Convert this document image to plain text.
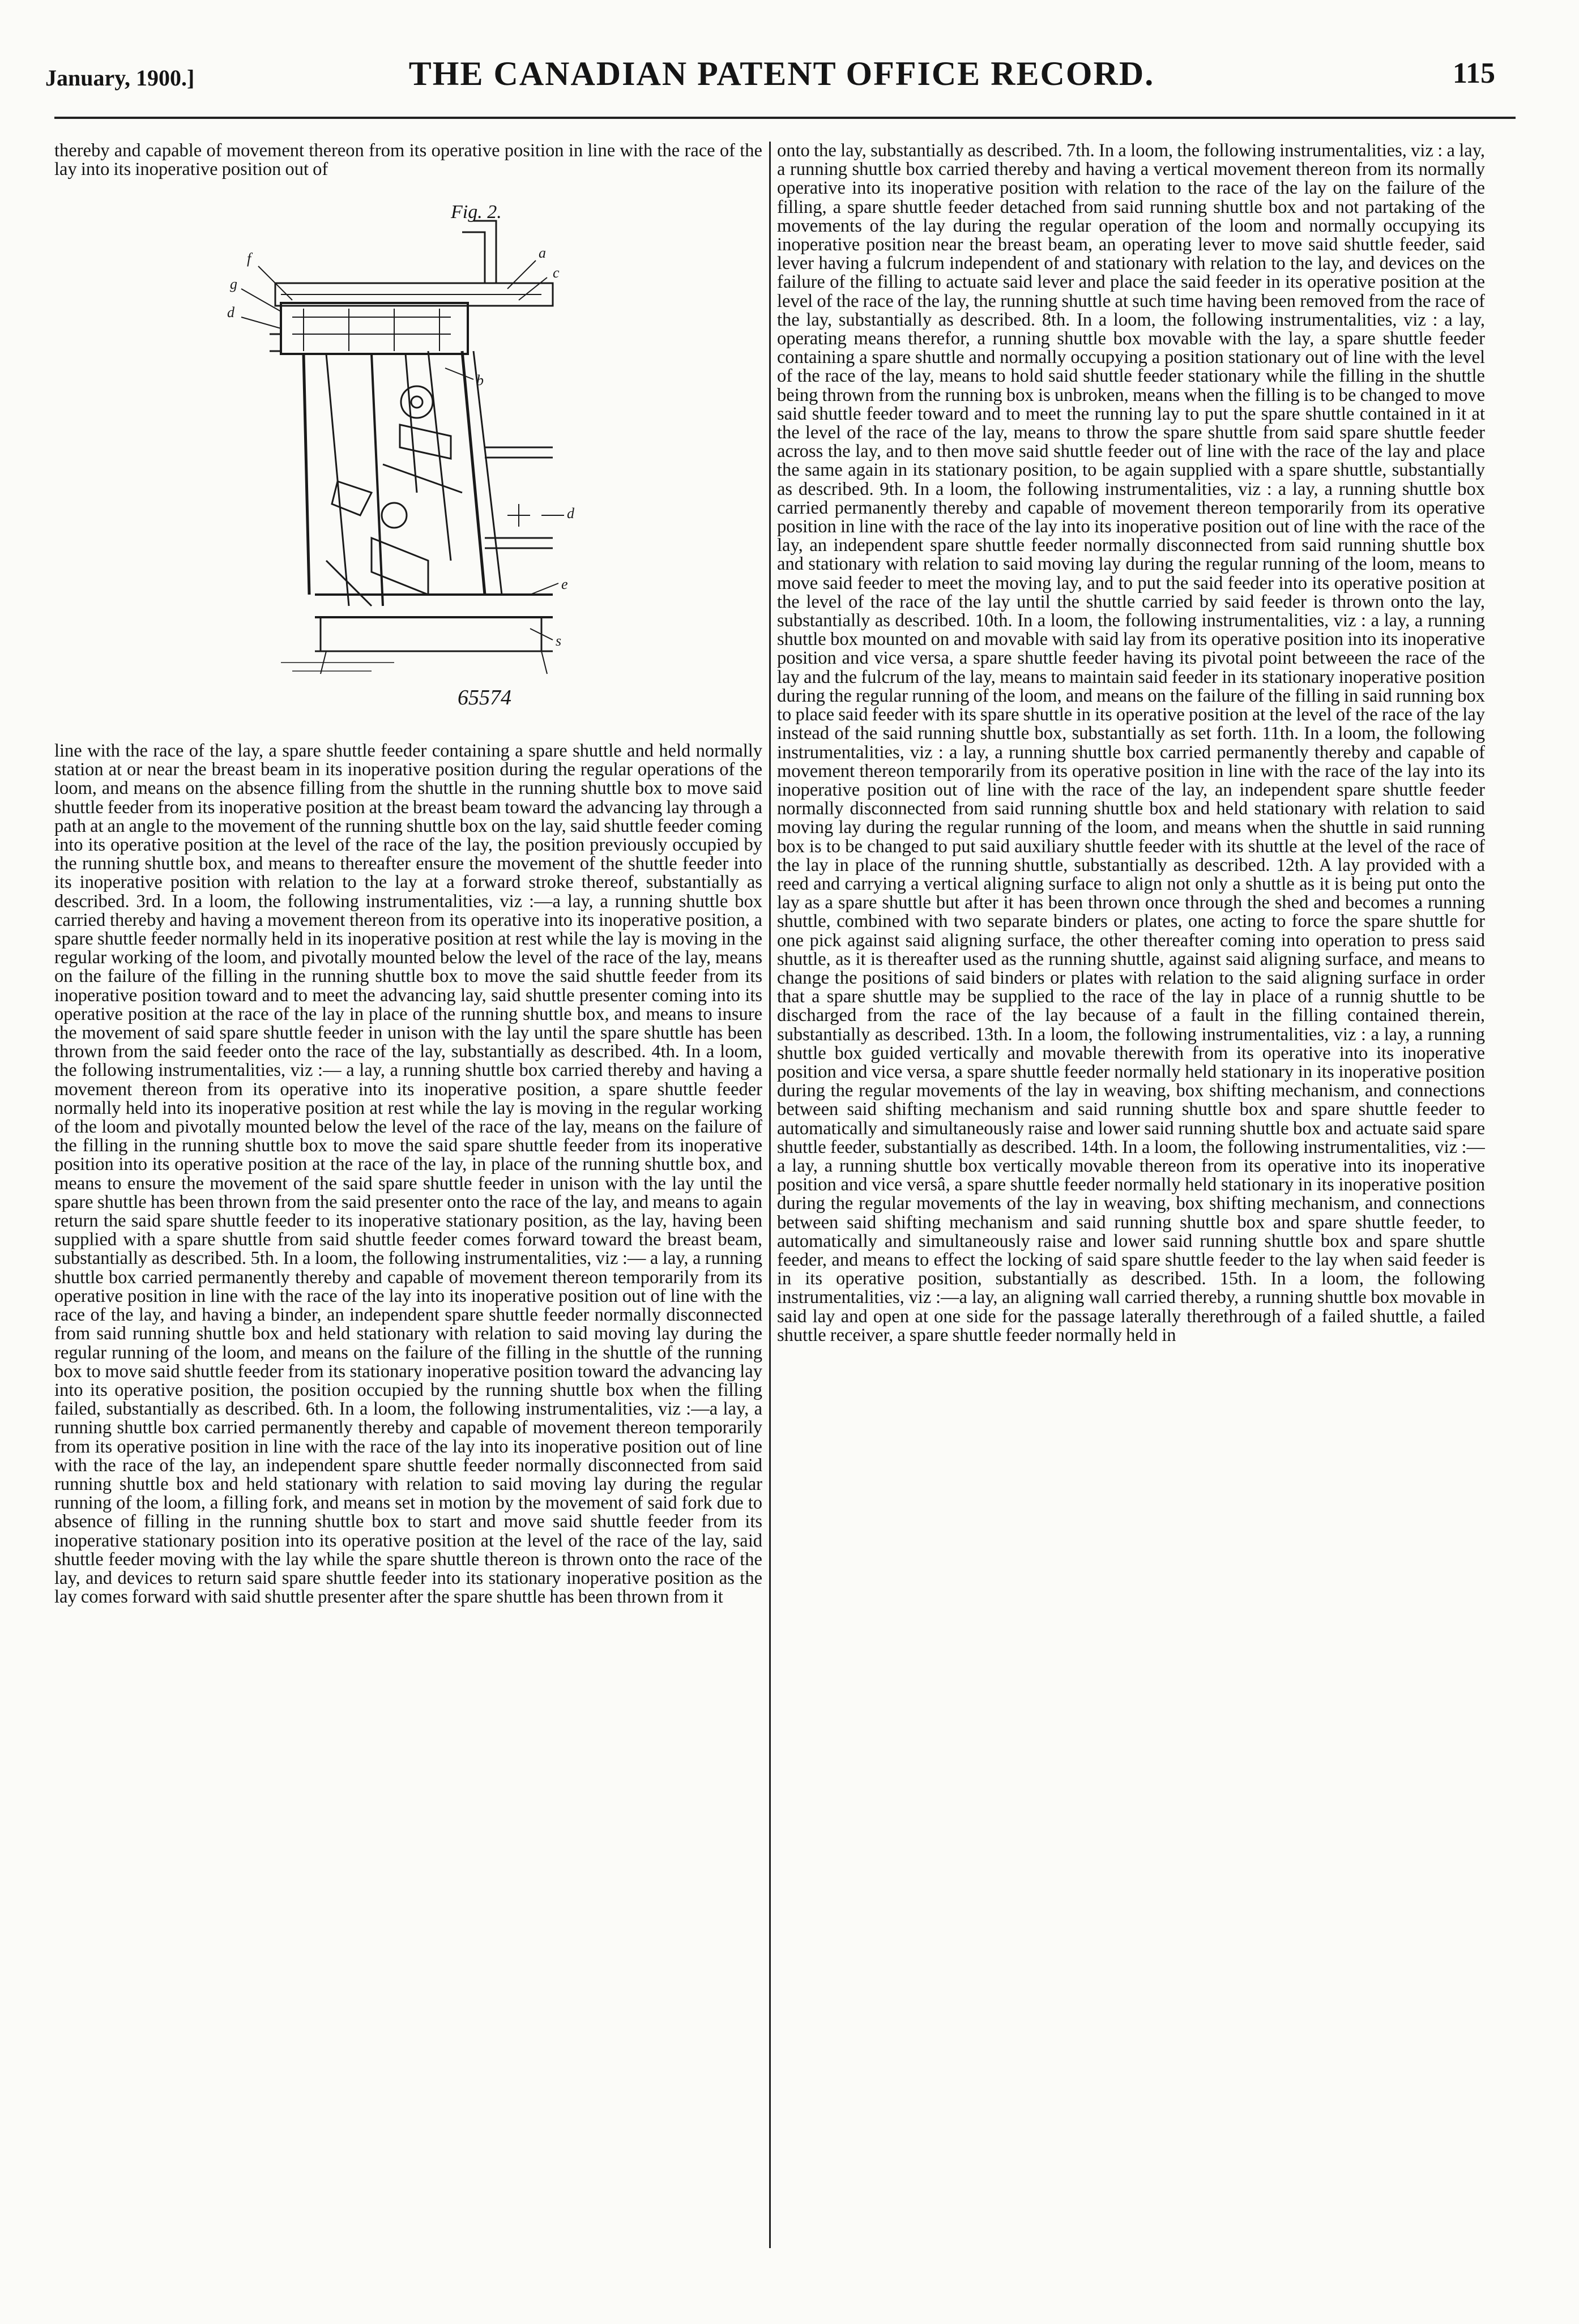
January, 1900.]	THE CANADIAN PATENT OFFICE RECORD.	115

thereby and capable of movement thereon from its operative position in line with the race of the lay into its inoperative position out of

f
g
d
a
c
b
d
e
s
Fig. 2.
65574

line with the race of the lay, a spare shuttle feeder containing a spare shuttle and held normally station at or near the breast beam in its inoperative position during the regular operations of the loom, and means on the absence filling from the shuttle in the running shuttle box to move said shuttle feeder from its inoperative position at the breast beam toward the advancing lay through a path at an angle to the movement of the running shuttle box on the lay, said shuttle feeder coming into its operative position at the level of the race of the lay, the position previously occupied by the running shuttle box, and means to thereafter ensure the movement of the shuttle feeder into its inoperative position with relation to the lay at a forward stroke thereof, substantially as described. 3rd. In a loom, the following instrumentalities, viz :—a lay, a running shuttle box carried thereby and having a movement thereon from its operative into its inoperative position, a spare shuttle feeder normally held in its inoperative position at rest while the lay is moving in the regular working of the loom, and pivotally mounted below the level of the race of the lay, means on the failure of the filling in the running shuttle box to move the said shuttle feeder from its inoperative position toward and to meet the advancing lay, said shuttle presenter coming into its operative position at the race of the lay in place of the running shuttle box, and means to insure the movement of said spare shuttle feeder in unison with the lay until the spare shuttle has been thrown from the said feeder onto the race of the lay, substantially as described. 4th. In a loom, the following instrumentalities, viz :— a lay, a running shuttle box carried thereby and having a movement thereon from its operative into its inoperative position, a spare shuttle feeder normally held into its inoperative position at rest while the lay is moving in the regular working of the loom and pivotally mounted below the level of the race of the lay, means on the failure of the filling in the running shuttle box to move the said spare shuttle feeder from its inoperative position into its operative position at the race of the lay, in place of the running shuttle box, and means to ensure the movement of the said spare shuttle feeder in unison with the lay until the spare shuttle has been thrown from the said presenter onto the race of the lay, and means to again return the said spare shuttle feeder to its inoperative stationary position, as the lay, having been supplied with a spare shuttle from said shuttle feeder comes forward toward the breast beam, substantially as described. 5th. In a loom, the following instrumentalities, viz :— a lay, a running shuttle box carried permanently thereby and capable of movement thereon temporarily from its operative position in line with the race of the lay into its inoperative position out of line with the race of the lay, and having a binder, an independent spare shuttle feeder normally disconnected from said running shuttle box and held stationary with relation to said moving lay during the regular running of the loom, and means on the failure of the filling in the shuttle of the running box to move said shuttle feeder from its stationary inoperative position toward the advancing lay into its operative position, the position occupied by the running shuttle box when the filling failed, substantially as described. 6th. In a loom, the following instrumentalities, viz :—a lay, a running shuttle box carried permanently thereby and capable of movement thereon temporarily from its operative position in line with the race of the lay into its inoperative position out of line with the race of the lay, an independent spare shuttle feeder normally disconnected from said running shuttle box and held stationary with relation to said moving lay during the regular running of the loom, a filling fork, and means set in motion by the movement of said fork due to absence of filling in the running shuttle box to start and move said shuttle feeder from its inoperative stationary position into its operative position at the level of the race of the lay, said shuttle feeder moving with the lay while the spare shuttle thereon is thrown onto the race of the lay, and devices to return said spare shuttle feeder into its stationary inoperative position as the lay comes forward with said shuttle presenter after the spare shuttle has been thrown from it

onto the lay, substantially as described. 7th. In a loom, the following instrumentalities, viz : a lay, a running shuttle box carried thereby and having a vertical movement thereon from its normally operative into its inoperative position with relation to the race of the lay on the failure of the filling, a spare shuttle feeder detached from said running shuttle box and not partaking of the movements of the lay during the regular operation of the loom and normally occupying its inoperative position near the breast beam, an operating lever to move said shuttle feeder, said lever having a fulcrum independent of and stationary with relation to the lay, and devices on the failure of the filling to actuate said lever and place the said feeder in its operative position at the level of the race of the lay, the running shuttle at such time having been removed from the race of the lay, substantially as described. 8th. In a loom, the following instrumentalities, viz : a lay, operating means therefor, a running shuttle box movable with the lay, a spare shuttle feeder containing a spare shuttle and normally occupying a position stationary out of line with the level of the race of the lay, means to hold said shuttle feeder stationary while the filling in the shuttle being thrown from the running box is unbroken, means when the filling is to be changed to move said shuttle feeder toward and to meet the running lay to put the spare shuttle contained in it at the level of the race of the lay, means to throw the spare shuttle from said spare shuttle feeder across the lay, and to then move said shuttle feeder out of line with the race of the lay and place the same again in its stationary position, to be again supplied with a spare shuttle, substantially as described. 9th. In a loom, the following instrumentalities, viz : a lay, a running shuttle box carried permanently thereby and capable of movement thereon temporarily from its operative position in line with the race of the lay into its inoperative position out of line with the race of the lay, an independent spare shuttle feeder normally disconnected from said running shuttle box and stationary with relation to said moving lay during the regular running of the loom, means to move said feeder to meet the moving lay, and to put the said feeder into its operative position at the level of the race of the lay until the shuttle carried by said feeder is thrown onto the lay, substantially as described. 10th. In a loom, the following instrumentalities, viz : a lay, a running shuttle box mounted on and movable with said lay from its operative position into its inoperative position and vice versa, a spare shuttle feeder having its pivotal point betweeen the race of the lay and the fulcrum of the lay, means to maintain said feeder in its stationary inoperative position during the regular running of the loom, and means on the failure of the filling in said running box to place said feeder with its spare shuttle in its operative position at the level of the race of the lay instead of the said running shuttle box, substantially as set forth. 11th. In a loom, the following instrumentalities, viz : a lay, a running shuttle box carried permanently thereby and capable of movement thereon temporarily from its operative position in line with the race of the lay into its inoperative position out of line with the race of the lay, an independent spare shuttle feeder normally disconnected from said running shuttle box and held stationary with relation to said moving lay during the regular running of the loom, and means when the shuttle in said running box is to be changed to put said auxiliary shuttle feeder with its shuttle at the level of the race of the lay in place of the running shuttle, substantially as described. 12th. A lay provided with a reed and carrying a vertical aligning surface to align not only a shuttle as it is being put onto the lay as a spare shuttle but after it has been thrown once through the shed and becomes a running shuttle, combined with two separate binders or plates, one acting to force the spare shuttle for one pick against said aligning surface, the other thereafter coming into operation to press said shuttle, as it is thereafter used as the running shuttle, against said aligning surface, and means to change the positions of said binders or plates with relation to the said aligning surface in order that a spare shuttle may be supplied to the race of the lay in place of a runnig shuttle to be discharged from the race of the lay because of a fault in the filling contained therein, substantially as described. 13th. In a loom, the following instrumentalities, viz : a lay, a running shuttle box guided vertically and movable therewith from its operative into its inoperative position and vice versa, a spare shuttle feeder normally held stationary in its inoperative position during the regular movements of the lay in weaving, box shifting mechanism, and connections between said shifting mechanism and said running shuttle box and spare shuttle feeder to automatically and simultaneously raise and lower said running shuttle box and actuate said spare shuttle feeder, substantially as described. 14th. In a loom, the following instrumentalities, viz :—a lay, a running shuttle box vertically movable thereon from its operative into its inoperative position and vice versâ, a spare shuttle feeder normally held stationary in its inoperative position during the regular movements of the lay in weaving, box shifting mechanism, and connections between said shifting mechanism and said running shuttle box and spare shuttle feeder, to automatically and simultaneously raise and lower said running shuttle box and spare shuttle feeder, and means to effect the locking of said spare shuttle feeder to the lay when said feeder is in its operative position, substantially as described. 15th. In a loom, the following instrumentalities, viz :—a lay, an aligning wall carried thereby, a running shuttle box movable in said lay and open at one side for the passage laterally therethrough of a failed shuttle, a failed shuttle receiver, a spare shuttle feeder normally held in
